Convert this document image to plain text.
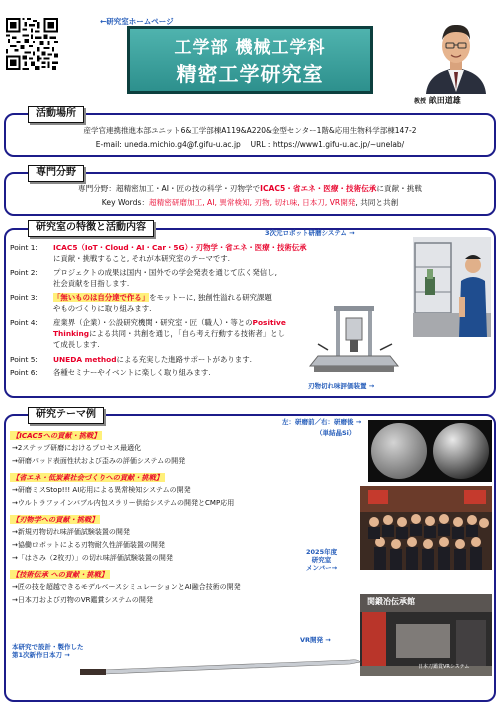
←研究室ホームページ
工学部 機械工学科
精密工学研究室
教授 畝田道雄
活動場所
産学官連携推進本部ユニット6&工学部棟A119&A220&金型センター1階&応用生物科学部棟147-2
E-mail: uneda.michio.g4@f.gifu-u.ac.jp　 URL : https://www1.gifu-u.ac.jp/~unelab/
専門分野
専門分野：超精密加工・AI・匠の技の科学・刃物学でICAC5・省エネ・医療・技術伝承に貢献・挑戦
Key Words：超精密研磨加工, AI, 異常検知, 刃物, 切れ味, 日本刀, VR開発, 共同と共創
研究室の特徴と活動内容	3次元ロボット研磨システム →
Point 1: ICAC5（IoT・Cloud・AI・Car・5G）・刃物学・省エネ・医療・技術伝承
に貢献・挑戦すること, それが本研究室のテーマです.
Point 2: プロジェクトの成果は国内・国外での学会発表を通じて広く発信し,
社会貢献を目指します.
Point 3: 「無いものは自分達で作る」をモットーに, 独創性溢れる研究課題
やものづくりに取り組みます.
Point 4: 産業界（企業）・公設研究機関・研究室・匠（職人）・等とのPositive
Thinkingによる共同・共創を通じ，「自ら考え行動する技術者」とし
て成長します.
Point 5: UNEDA methodによる充実した進路サポートがあります.
Point 6: 各種セミナーやイベントに楽しく取り組みます.
刃物切れ味評価装置 →
研究テーマ例
左：研磨前／右：研磨後 →
（単結晶Si）
2025年度
研究室
メンバー→
関鍛冶伝承館
日本刀鑑賞VRシステム
VR開発 →
本研究で設計・製作した
第1次新作日本刀 →
【ICAC5への貢献・挑戦】
→2ステップ研磨におけるプロセス最適化
→研磨パッド表面性状および歪みの評価システムの開発
【省エネ・低炭素社会づくりへの貢献・挑戦】
→研磨ミスStop!!! AI応用による異常検知システムの開発
→ウルトラファインバブル内包スラリー供給システムの開発とCMP応用
【刃物学への貢献・挑戦】
→新規刃物切れ味評価試験装置の開発
→協働ロボットによる刃物耐久性評価装置の開発
→「はさみ（2枚刃）」の切れ味評価試験装置の開発
【技術伝承 への貢献・挑戦】
→匠の技を超越できるモデルベースシミュレーションとAI融合技術の開発
→日本刀および刃物のVR鑑賞システムの開発
